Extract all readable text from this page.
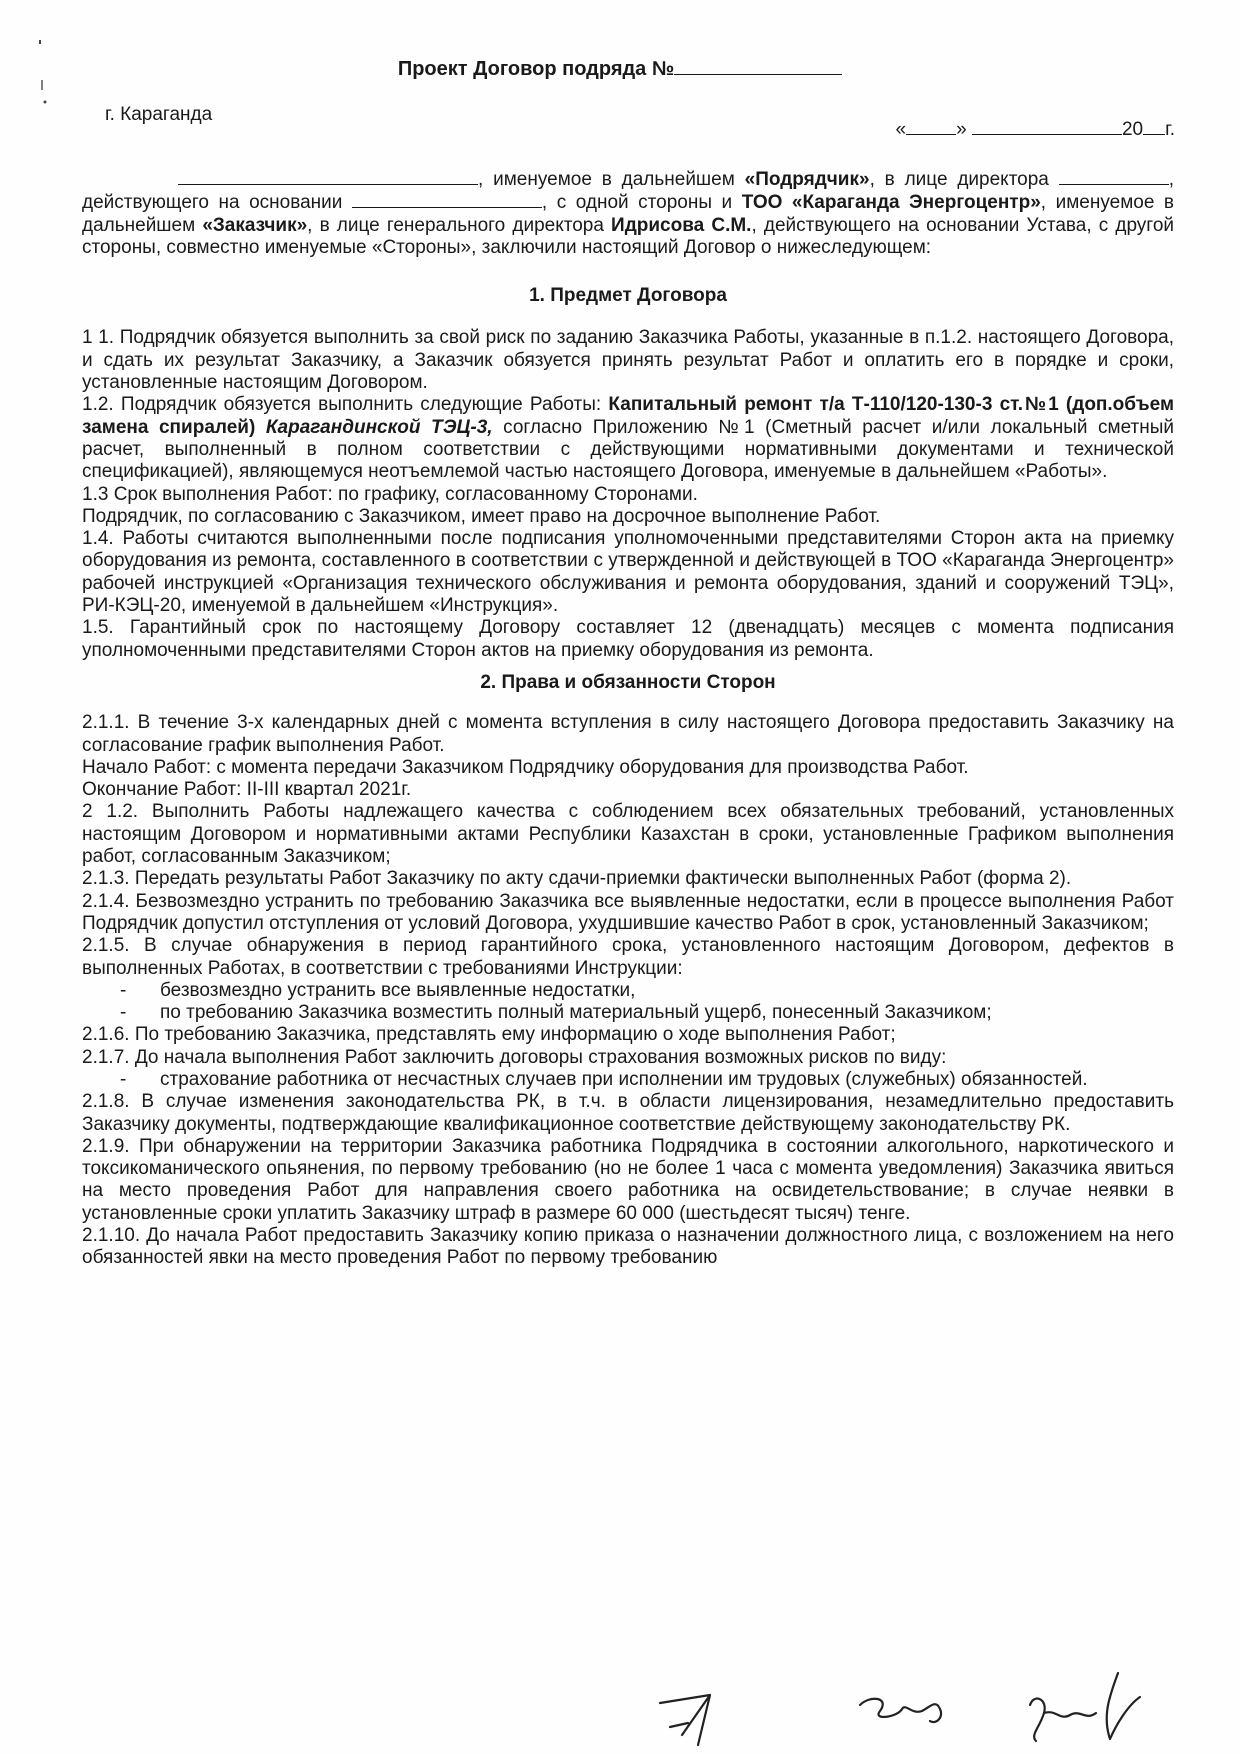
Проект Договор подряда №
г. Караганда
«	»	20 г.

, именуемое в дальнейшем «Подрядчик», в лице директора	, действующего на основании	, с одной стороны и ТОО «Караганда Энергоцентр», именуемое в дальнейшем «Заказчик», в лице генерального директора Идрисова С.М., действующего на основании Устава, с другой стороны, совместно именуемые «Стороны», заключили настоящий Договор о нижеследующем:

1. Предмет Договора

1 1. Подрядчик обязуется выполнить за свой риск по заданию Заказчика Работы, указанные в п.1.2. настоящего Договора, и сдать их результат Заказчику, а Заказчик обязуется принять результат Работ и оплатить его в порядке и сроки, установленные настоящим Договором.

1.2. Подрядчик обязуется выполнить следующие Работы: Капитальный ремонт т/а Т-110/120-130-3 ст.№1 (доп.объем замена спиралей) Карагандинской ТЭЦ-3, согласно Приложению №1 (Сметный расчет и/или локальный сметный расчет, выполненный в полном соответствии с действующими нормативными документами и технической спецификацией), являющемуся неотъемлемой частью настоящего Договора, именуемые в дальнейшем «Работы».

1.3 Срок выполнения Работ: по графику, согласованному Сторонами.

Подрядчик, по согласованию с Заказчиком, имеет право на досрочное выполнение Работ.

1.4. Работы считаются выполненными после подписания уполномоченными представителями Сторон акта на приемку оборудования из ремонта, составленного в соответствии с утвержденной и действующей в ТОО «Караганда Энергоцентр» рабочей инструкцией «Организация технического обслуживания и ремонта оборудования, зданий и сооружений ТЭЦ», РИ-КЭЦ-20, именуемой в дальнейшем «Инструкция».

1.5. Гарантийный срок по настоящему Договору составляет 12 (двенадцать) месяцев с момента подписания уполномоченными представителями Сторон актов на приемку оборудования из ремонта.

2. Права и обязанности Сторон

2.1.1. В течение 3-х календарных дней с момента вступления в силу настоящего Договора предоставить Заказчику на согласование график выполнения Работ.

Начало Работ: с момента передачи Заказчиком Подрядчику оборудования для производства Работ.

Окончание Работ: II-III квартал 2021г.

2 1.2. Выполнить Работы надлежащего качества с соблюдением всех обязательных требований, установленных настоящим Договором и нормативными актами Республики Казахстан в сроки, установленные Графиком выполнения работ, согласованным Заказчиком;

2.1.3. Передать результаты Работ Заказчику по акту сдачи-приемки фактически выполненных Работ (форма 2).

2.1.4. Безвозмездно устранить по требованию Заказчика все выявленные недостатки, если в процессе выполнения Работ Подрядчик допустил отступления от условий Договора, ухудшившие качество Работ в срок, установленный Заказчиком;

2.1.5. В случае обнаружения в период гарантийного срока, установленного настоящим Договором, дефектов в выполненных Работах, в соответствии с требованиями Инструкции:

- безвозмездно устранить все выявленные недостатки,

- по требованию Заказчика возместить полный материальный ущерб, понесенный Заказчиком;

2.1.6. По требованию Заказчика, представлять ему информацию о ходе выполнения Работ;

2.1.7. До начала выполнения Работ заключить договоры страхования возможных рисков по виду:

- страхование работника от несчастных случаев при исполнении им трудовых (служебных) обязанностей.

2.1.8. В случае изменения законодательства РК, в т.ч. в области лицензирования, незамедлительно предоставить Заказчику документы, подтверждающие квалификационное соответствие действующему законодательству РК.

2.1.9. При обнаружении на территории Заказчика работника Подрядчика в состоянии алкогольного, наркотического и токсикоманического опьянения, по первому требованию (но не более 1 часа с момента уведомления) Заказчика явиться на место проведения Работ для направления своего работника на освидетельствование; в случае неявки в установленные сроки уплатить Заказчику штраф в размере 60 000 (шестьдесят тысяч) тенге.

2.1.10. До начала Работ предоставить Заказчику копию приказа о назначении должностного лица, с возложением на него обязанностей явки на место проведения Работ по первому требованию
